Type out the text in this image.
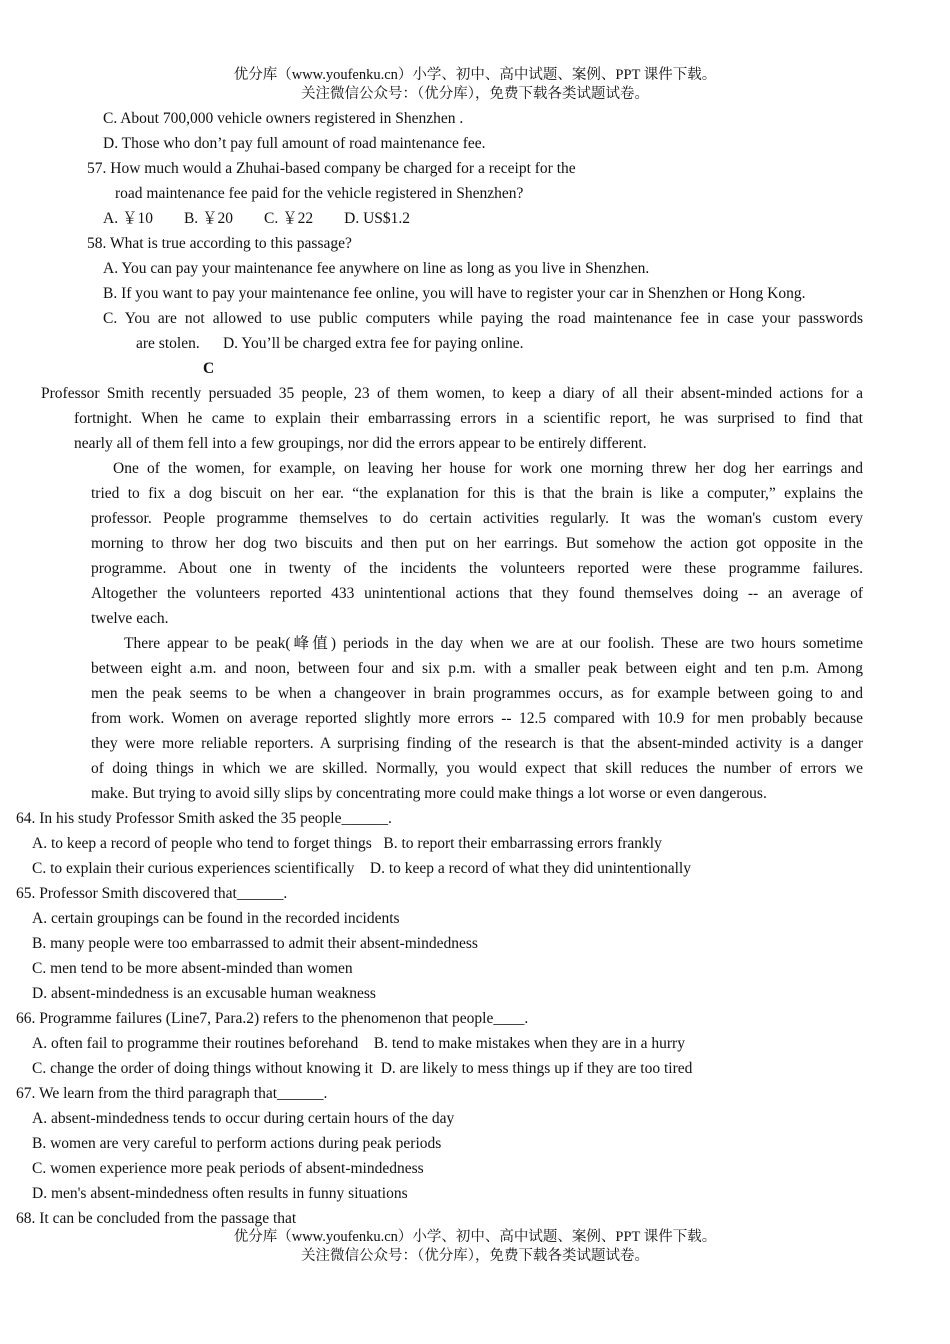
优分库（www.youfenku.cn）小学、初中、高中试题、案例、PPT 课件下载。
关注微信公众号：（优分库），免费下载各类试题试卷。
C. About 700,000 vehicle owners registered in Shenzhen .
D. Those who don’t pay full amount of road maintenance fee.
57. How much would a Zhuhai-based company be charged for a receipt for the
road maintenance fee paid for the vehicle registered in Shenzhen?
A. ￥10        B. ￥20        C. ￥22        D. US$1.2
58. What is true according to this passage?
A. You can pay your maintenance fee anywhere on line as long as you live in Shenzhen.
B. If you want to pay your maintenance fee online, you will have to register your car in Shenzhen or Hong Kong.
C. You are not allowed to use public computers while paying the road maintenance fee in case your passwords
are stolen.      D. You’ll be charged extra fee for paying online.
C
Professor Smith recently persuaded 35 people, 23 of them women, to keep a diary of all their absent-minded actions for a
fortnight. When he came to explain their embarrassing errors in a scientific report, he was surprised to find that
nearly all of them fell into a few groupings, nor did the errors appear to be entirely different.
One of the women, for example, on leaving her house for work one morning threw her dog her earrings and
tried to fix a dog biscuit on her ear. “the explanation for this is that the brain is like a computer,” explains the
professor. People programme themselves to do certain activities regularly. It was the woman's custom every
morning to throw her dog two biscuits and then put on her earrings. But somehow the action got opposite in the
programme. About one in twenty of the incidents the volunteers reported were these programme failures.
Altogether the volunteers reported 433 unintentional actions that they found themselves doing -- an average of
twelve each.
There appear to be peak(峰值) periods in the day when we are at our foolish. These are two hours sometime
between eight a.m. and noon, between four and six p.m. with a smaller peak between eight and ten p.m. Among
men the peak seems to be when a changeover in brain programmes occurs, as for example between going to and
from work. Women on average reported slightly more errors -- 12.5 compared with 10.9 for men probably because
they were more reliable reporters. A surprising finding of the research is that the absent-minded activity is a danger
of doing things in which we are skilled. Normally, you would expect that skill reduces the number of errors we
make. But trying to avoid silly slips by concentrating more could make things a lot worse or even dangerous.
64. In his study Professor Smith asked the 35 people______.
A. to keep a record of people who tend to forget things   B. to report their embarrassing errors frankly
C. to explain their curious experiences scientifically    D. to keep a record of what they did unintentionally
65. Professor Smith discovered that______.
A. certain groupings can be found in the recorded incidents
B. many people were too embarrassed to admit their absent-mindedness
C. men tend to be more absent-minded than women
D. absent-mindedness is an excusable human weakness
66. Programme failures (Line7, Para.2) refers to the phenomenon that people____.
A. often fail to programme their routines beforehand    B. tend to make mistakes when they are in a hurry
C. change the order of doing things without knowing it  D. are likely to mess things up if they are too tired
67. We learn from the third paragraph that______.
A. absent-mindedness tends to occur during certain hours of the day
B. women are very careful to perform actions during peak periods
C. women experience more peak periods of absent-mindedness
D. men's absent-mindedness often results in funny situations
68. It can be concluded from the passage that
优分库（www.youfenku.cn）小学、初中、高中试题、案例、PPT 课件下载。
关注微信公众号：（优分库），免费下载各类试题试卷。
